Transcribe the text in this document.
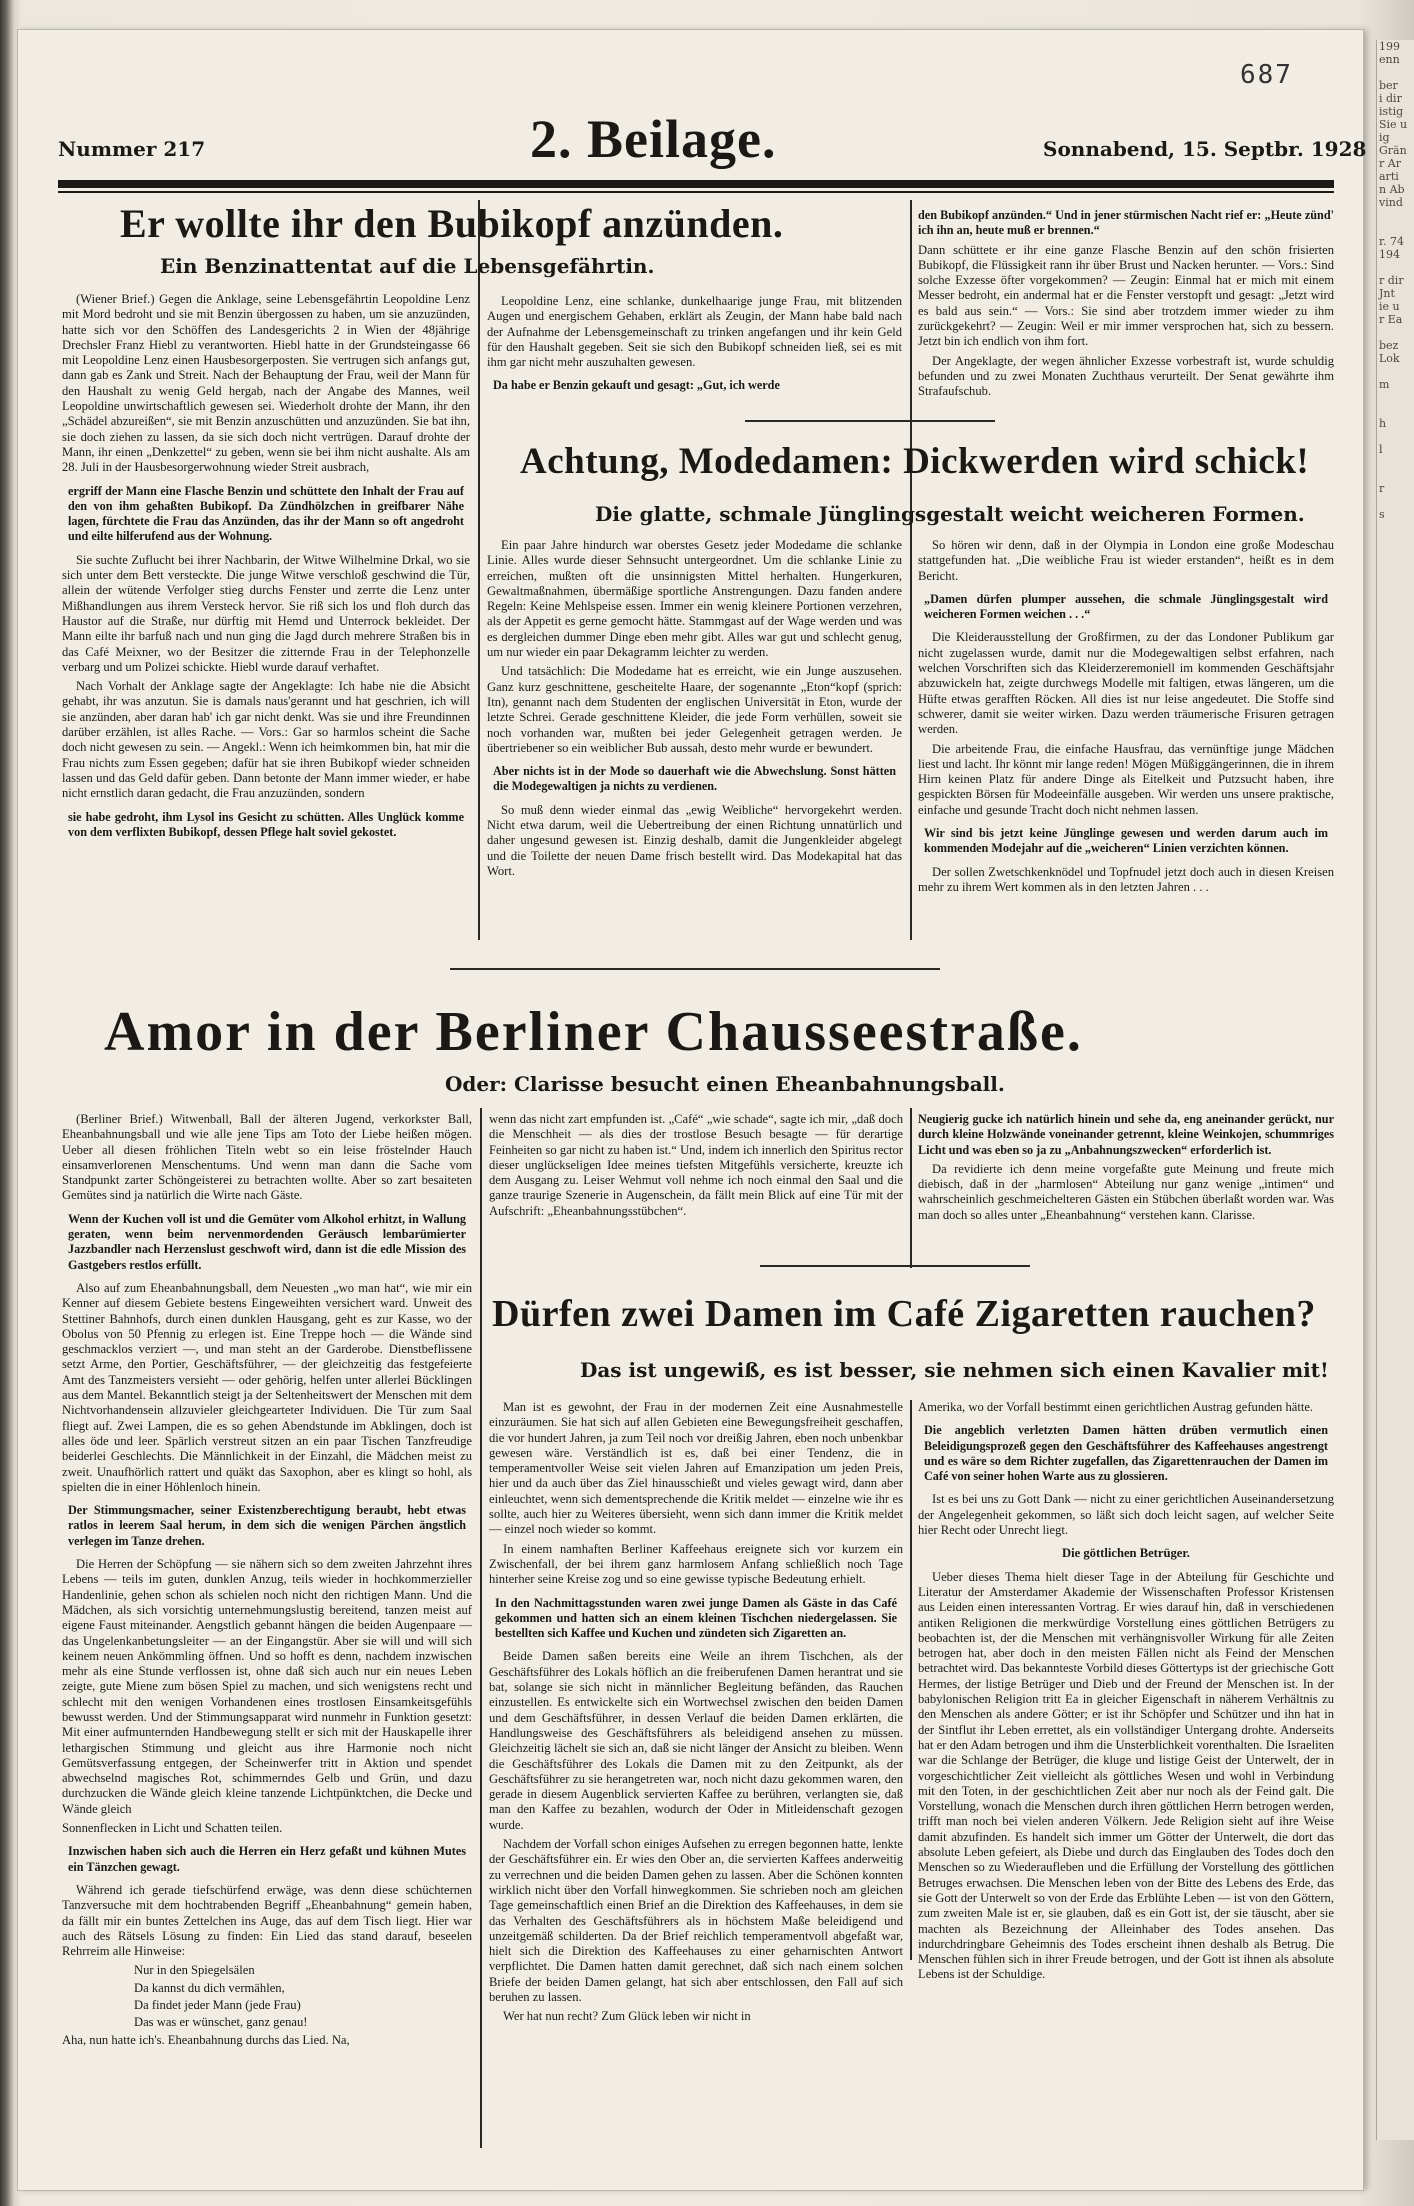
199
enn

ber
i dir
istig
Sie u
ig
Grän
r Ar
arti
n Ab
vind

r. 74
194

r dir
Jnt
ie u
r Ea

bez
Lok

m

h

l

r

s

687
Nummer 217	2. Beilage.	Sonnabend, 15. Septbr. 1928
Er wollte ihr den Bubikopf anzünden.
Ein Benzinattentat auf die Lebensgefährtin.

(Wiener Brief.) Gegen die Anklage, seine Lebensgefährtin Leopoldine Lenz mit Mord bedroht und sie mit Benzin übergossen zu haben, um sie anzuzünden, hatte sich vor den Schöffen des Landesgerichts 2 in Wien der 48jährige Drechsler Franz Hiebl zu verantworten. Hiebl hatte in der Grundsteingasse 66 mit Leopoldine Lenz einen Hausbesorgerposten. Sie vertrugen sich anfangs gut, dann gab es Zank und Streit. Nach der Behauptung der Frau, weil der Mann für den Haushalt zu wenig Geld hergab, nach der Angabe des Mannes, weil Leopoldine unwirtschaftlich gewesen sei. Wiederholt drohte der Mann, ihr den „Schädel abzureißen“, sie mit Benzin anzuschütten und anzuzünden. Sie bat ihn, sie doch ziehen zu lassen, da sie sich doch nicht vertrügen. Darauf drohte der Mann, ihr einen „Denkzettel“ zu geben, wenn sie bei ihm nicht aushalte. Als am 28. Juli in der Hausbesorgerwohnung wieder Streit ausbrach,

ergriff der Mann eine Flasche Benzin und schüttete den Inhalt der Frau auf den von ihm gehaßten Bubikopf. Da Zündhölzchen in greifbarer Nähe lagen, fürchtete die Frau das Anzünden, das ihr der Mann so oft angedroht und eilte hilferufend aus der Wohnung.

Sie suchte Zuflucht bei ihrer Nachbarin, der Witwe Wilhelmine Drkal, wo sie sich unter dem Bett versteckte. Die junge Witwe verschloß geschwind die Tür, allein der wütende Verfolger stieg durchs Fenster und zerrte die Lenz unter Mißhandlungen aus ihrem Versteck hervor. Sie riß sich los und floh durch das Haustor auf die Straße, nur dürftig mit Hemd und Unterrock bekleidet. Der Mann eilte ihr barfuß nach und nun ging die Jagd durch mehrere Straßen bis in das Café Meixner, wo der Besitzer die zitternde Frau in der Telephonzelle verbarg und um Polizei schickte. Hiebl wurde darauf verhaftet.

Nach Vorhalt der Anklage sagte der Angeklagte: Ich habe nie die Absicht gehabt, ihr was anzutun. Sie is damals naus'gerannt und hat geschrien, ich will sie anzünden, aber daran hab' ich gar nicht denkt. Was sie und ihre Freundinnen darüber erzählen, ist alles Rache. — Vors.: Gar so harmlos scheint die Sache doch nicht gewesen zu sein. — Angekl.: Wenn ich heimkommen bin, hat mir die Frau nichts zum Essen gegeben; dafür hat sie ihren Bubikopf wieder schneiden lassen und das Geld dafür geben. Dann betonte der Mann immer wieder, er habe nicht ernstlich daran gedacht, die Frau anzuzünden, sondern

sie habe gedroht, ihm Lysol ins Gesicht zu schütten. Alles Unglück komme von dem verflixten Bubikopf, dessen Pflege halt soviel gekostet.

Leopoldine Lenz, eine schlanke, dunkelhaarige junge Frau, mit blitzenden Augen und energischem Gehaben, erklärt als Zeugin, der Mann habe bald nach der Aufnahme der Lebensgemeinschaft zu trinken angefangen und ihr kein Geld für den Haushalt gegeben. Seit sie sich den Bubikopf schneiden ließ, sei es mit ihm gar nicht mehr auszuhalten gewesen.

Da habe er Benzin gekauft und gesagt: „Gut, ich werde

den Bubikopf anzünden.“ Und in jener stürmischen Nacht rief er: „Heute zünd' ich ihn an, heute muß er brennen.“

Dann schüttete er ihr eine ganze Flasche Benzin auf den schön frisierten Bubikopf, die Flüssigkeit rann ihr über Brust und Nacken herunter. — Vors.: Sind solche Exzesse öfter vorgekommen? — Zeugin: Einmal hat er mich mit einem Messer bedroht, ein andermal hat er die Fenster verstopft und gesagt: „Jetzt wird es bald aus sein.“ — Vors.: Sie sind aber trotzdem immer wieder zu ihm zurückgekehrt? — Zeugin: Weil er mir immer versprochen hat, sich zu bessern. Jetzt bin ich endlich von ihm fort.

Der Angeklagte, der wegen ähnlicher Exzesse vorbestraft ist, wurde schuldig befunden und zu zwei Monaten Zuchthaus verurteilt. Der Senat gewährte ihm Strafaufschub.

Achtung, Modedamen: Dickwerden wird schick!
Die glatte, schmale Jünglingsgestalt weicht weicheren Formen.

Ein paar Jahre hindurch war oberstes Gesetz jeder Modedame die schlanke Linie. Alles wurde dieser Sehnsucht untergeordnet. Um die schlanke Linie zu erreichen, mußten oft die unsinnigsten Mittel herhalten. Hungerkuren, Gewaltmaßnahmen, übermäßige sportliche Anstrengungen. Dazu fanden andere Regeln: Keine Mehlspeise essen. Immer ein wenig kleinere Portionen verzehren, als der Appetit es gerne gemocht hätte. Stammgast auf der Wage werden und was es dergleichen dummer Dinge eben mehr gibt. Alles war gut und schlecht genug, um nur wieder ein paar Dekagramm leichter zu werden.

Und tatsächlich: Die Modedame hat es erreicht, wie ein Junge auszusehen. Ganz kurz geschnittene, gescheitelte Haare, der sogenannte „Eton“kopf (sprich: Itn), genannt nach dem Studenten der englischen Universität in Eton, wurde der letzte Schrei. Gerade geschnittene Kleider, die jede Form verhüllen, soweit sie noch vorhanden war, mußten bei jeder Gelegenheit getragen werden. Je übertriebener so ein weiblicher Bub aussah, desto mehr wurde er bewundert.

Aber nichts ist in der Mode so dauerhaft wie die Abwechslung. Sonst hätten die Modegewaltigen ja nichts zu verdienen.

So muß denn wieder einmal das „ewig Weibliche“ hervorgekehrt werden. Nicht etwa darum, weil die Uebertreibung der einen Richtung unnatürlich und daher ungesund gewesen ist. Einzig deshalb, damit die Jungenkleider abgelegt und die Toilette der neuen Dame frisch bestellt wird. Das Modekapital hat das Wort.

So hören wir denn, daß in der Olympia in London eine große Modeschau stattgefunden hat. „Die weibliche Frau ist wieder erstanden“, heißt es in dem Bericht.

„Damen dürfen plumper aussehen, die schmale Jünglingsgestalt wird weicheren Formen weichen . . .“

Die Kleiderausstellung der Großfirmen, zu der das Londoner Publikum gar nicht zugelassen wurde, damit nur die Modegewaltigen selbst erfahren, nach welchen Vorschriften sich das Kleiderzeremoniell im kommenden Geschäftsjahr abzuwickeln hat, zeigte durchwegs Modelle mit faltigen, etwas längeren, um die Hüfte etwas gerafften Röcken. All dies ist nur leise angedeutet. Die Stoffe sind schwerer, damit sie weiter wirken. Dazu werden träumerische Frisuren getragen werden.

Die arbeitende Frau, die einfache Hausfrau, das vernünftige junge Mädchen liest und lacht. Ihr könnt mir lange reden! Mögen Müßiggängerinnen, die in ihrem Hirn keinen Platz für andere Dinge als Eitelkeit und Putzsucht haben, ihre gespickten Börsen für Modeeinfälle ausgeben. Wir werden uns unsere praktische, einfache und gesunde Tracht doch nicht nehmen lassen.

Wir sind bis jetzt keine Jünglinge gewesen und werden darum auch im kommenden Modejahr auf die „weicheren“ Linien verzichten können.

Der sollen Zwetschkenknödel und Topfnudel jetzt doch auch in diesen Kreisen mehr zu ihrem Wert kommen als in den letzten Jahren . . .

Amor in der Berliner Chausseestraße.
Oder: Clarisse besucht einen Eheanbahnungsball.

(Berliner Brief.) Witwenball, Ball der älteren Jugend, verkorkster Ball, Eheanbahnungsball und wie alle jene Tips am Toto der Liebe heißen mögen. Ueber all diesen fröhlichen Titeln webt so ein leise fröstelnder Hauch einsamverlorenen Menschentums. Und wenn man dann die Sache vom Standpunkt zarter Schöngeisterei zu betrachten wollte. Aber so zart besaiteten Gemütes sind ja natürlich die Wirte nach Gäste.

Wenn der Kuchen voll ist und die Gemüter vom Alkohol erhitzt, in Wallung geraten, wenn beim nervenmordenden Geräusch lembarümierter Jazzbandler nach Herzenslust geschwoft wird, dann ist die edle Mission des Gastgebers restlos erfüllt.

Also auf zum Eheanbahnungsball, dem Neuesten „wo man hat“, wie mir ein Kenner auf diesem Gebiete bestens Eingeweihten versichert ward. Unweit des Stettiner Bahnhofs, durch einen dunklen Hausgang, geht es zur Kasse, wo der Obolus von 50 Pfennig zu erlegen ist. Eine Treppe hoch — die Wände sind geschmacklos verziert —, und man steht an der Garderobe. Dienstbeflissene setzt Arme, den Portier, Geschäftsführer, — der gleichzeitig das festgefeierte Amt des Tanzmeisters versieht — oder gehörig, helfen unter allerlei Bücklingen aus dem Mantel. Bekanntlich steigt ja der Seltenheitswert der Menschen mit dem Nichtvorhandensein allzuvieler gleichgearteter Individuen. Die Tür zum Saal fliegt auf. Zwei Lampen, die es so gehen Abendstunde im Abklingen, doch ist alles öde und leer. Spärlich verstreut sitzen an ein paar Tischen Tanzfreudige beiderlei Geschlechts. Die Männlichkeit in der Einzahl, die Mädchen meist zu zweit. Unaufhörlich rattert und quäkt das Saxophon, aber es klingt so hohl, als spielten die in einer Höhlenloch hinein.

Der Stimmungsmacher, seiner Existenzberechtigung beraubt, hebt etwas ratlos in leerem Saal herum, in dem sich die wenigen Pärchen ängstlich verlegen im Tanze drehen.

Die Herren der Schöpfung — sie nähern sich so dem zweiten Jahrzehnt ihres Lebens — teils im guten, dunklen Anzug, teils wieder in hochkommerzieller Handenlinie, gehen schon als schielen noch nicht den richtigen Mann. Und die Mädchen, als sich vorsichtig unternehmungslustig bereitend, tanzen meist auf eigene Faust miteinander. Aengstlich gebannt hängen die beiden Augenpaare — das Ungelenkanbetungsleiter — an der Eingangstür. Aber sie will und will sich keinem neuen Ankömmling öffnen. Und so hofft es denn, nachdem inzwischen mehr als eine Stunde verflossen ist, ohne daß sich auch nur ein neues Leben zeigte, gute Miene zum bösen Spiel zu machen, und sich wenigstens recht und schlecht mit den wenigen Vorhandenen eines trostlosen Einsamkeitsgefühls bewusst werden. Und der Stimmungsapparat wird nunmehr in Funktion gesetzt: Mit einer aufmunternden Handbewegung stellt er sich mit der Hauskapelle ihrer lethargischen Stimmung und gleicht aus ihre Harmonie noch nicht Gemütsverfassung entgegen, der Scheinwerfer tritt in Aktion und spendet abwechselnd magisches Rot, schimmerndes Gelb und Grün, und dazu durchzucken die Wände gleich kleine tanzende Lichtpünktchen, die Decke und Wände gleich

Sonnenflecken in Licht und Schatten teilen.

Inzwischen haben sich auch die Herren ein Herz gefaßt und kühnen Mutes ein Tänzchen gewagt.

Während ich gerade tiefschürfend erwäge, was denn diese schüchternen Tanzversuche mit dem hochtrabenden Begriff „Eheanbahnung“ gemein haben, da fällt mir ein buntes Zettelchen ins Auge, das auf dem Tisch liegt. Hier war auch des Rätsels Lösung zu finden: Ein Lied das stand darauf, beseelen Rehrreim alle Hinweise:

Nur in den Spiegelsälen
Da kannst du dich vermählen,
Da findet jeder Mann (jede Frau)
Das was er wünschet, ganz genau!

Aha, nun hatte ich's. Eheanbahnung durchs das Lied. Na,

wenn das nicht zart empfunden ist. „Café“ „wie schade“, sagte ich mir, „daß doch die Menschheit — als dies der trostlose Besuch besagte — für derartige Feinheiten so gar nicht zu haben ist.“ Und, indem ich innerlich den Spiritus rector dieser unglückseligen Idee meines tiefsten Mitgefühls versicherte, kreuzte ich dem Ausgang zu. Leiser Wehmut voll nehme ich noch einmal den Saal und die ganze traurige Szenerie in Augenschein, da fällt mein Blick auf eine Tür mit der Aufschrift: „Eheanbahnungsstübchen“.

Neugierig gucke ich natürlich hinein und sehe da, eng aneinander gerückt, nur durch kleine Holzwände voneinander getrennt, kleine Weinkojen, schummriges Licht und was eben so ja zu „Anbahnungszwecken“ erforderlich ist.

Da revidierte ich denn meine vorgefaßte gute Meinung und freute mich diebisch, daß in der „harmlosen“ Abteilung nur ganz wenige „intimen“ und wahrscheinlich geschmeichelteren Gästen ein Stübchen überlaßt worden war. Was man doch so alles unter „Eheanbahnung“ verstehen kann. Clarisse.

Dürfen zwei Damen im Café Zigaretten rauchen?
Das ist ungewiß, es ist besser, sie nehmen sich einen Kavalier mit!

Man ist es gewohnt, der Frau in der modernen Zeit eine Ausnahmestelle einzuräumen. Sie hat sich auf allen Gebieten eine Bewegungsfreiheit geschaffen, die vor hundert Jahren, ja zum Teil noch vor dreißig Jahren, eben noch unbenkbar gewesen wäre. Verständlich ist es, daß bei einer Tendenz, die in temperamentvoller Weise seit vielen Jahren auf Emanzipation um jeden Preis, hier und da auch über das Ziel hinausschießt und vieles gewagt wird, dann aber einleuchtet, wenn sich dementsprechende die Kritik meldet — einzelne wie ihr es sollte, auch hier zu Weiteres übersieht, wenn sich dann immer die Kritik meldet — einzel noch wieder so kommt.

In einem namhaften Berliner Kaffeehaus ereignete sich vor kurzem ein Zwischenfall, der bei ihrem ganz harmlosem Anfang schließlich noch Tage hinterher seine Kreise zog und so eine gewisse typische Bedeutung erhielt.

In den Nachmittagsstunden waren zwei junge Damen als Gäste in das Café gekommen und hatten sich an einem kleinen Tischchen niedergelassen. Sie bestellten sich Kaffee und Kuchen und zündeten sich Zigaretten an.

Beide Damen saßen bereits eine Weile an ihrem Tischchen, als der Geschäftsführer des Lokals höflich an die freiberufenen Damen herantrat und sie bat, solange sie sich nicht in männlicher Begleitung befänden, das Rauchen einzustellen. Es entwickelte sich ein Wortwechsel zwischen den beiden Damen und dem Geschäftsführer, in dessen Verlauf die beiden Damen erklärten, die Handlungsweise des Geschäftsführers als beleidigend ansehen zu müssen. Gleichzeitig lächelt sie sich an, daß sie nicht länger der Ansicht zu bleiben. Wenn die Geschäftsführer des Lokals die Damen mit zu den Zeitpunkt, als der Geschäftsführer zu sie herangetreten war, noch nicht dazu gekommen waren, den gerade in diesem Augenblick servierten Kaffee zu berühren, verlangten sie, daß man den Kaffee zu bezahlen, wodurch der Oder in Mitleidenschaft gezogen wurde.

Nachdem der Vorfall schon einiges Aufsehen zu erregen begonnen hatte, lenkte der Geschäftsführer ein. Er wies den Ober an, die servierten Kaffees anderweitig zu verrechnen und die beiden Damen gehen zu lassen. Aber die Schönen konnten wirklich nicht über den Vorfall hinwegkommen. Sie schrieben noch am gleichen Tage gemeinschaftlich einen Brief an die Direktion des Kaffeehauses, in dem sie das Verhalten des Geschäftsführers als in höchstem Maße beleidigend und unzeitgemäß schilderten. Da der Brief reichlich temperamentvoll abgefaßt war, hielt sich die Direktion des Kaffeehauses zu einer geharnischten Antwort verpflichtet. Die Damen hatten damit gerechnet, daß sich nach einem solchen Briefe der beiden Damen gelangt, hat sich aber entschlossen, den Fall auf sich beruhen zu lassen.

Wer hat nun recht? Zum Glück leben wir nicht in

Amerika, wo der Vorfall bestimmt einen gerichtlichen Austrag gefunden hätte.

Die angeblich verletzten Damen hätten drüben vermutlich einen Beleidigungsprozeß gegen den Geschäftsführer des Kaffeehauses angestrengt und es wäre so dem Richter zugefallen, das Zigarettenrauchen der Damen im Café von seiner hohen Warte aus zu glossieren.

Ist es bei uns zu Gott Dank — nicht zu einer gerichtlichen Auseinandersetzung der Angelegenheit gekommen, so läßt sich doch leicht sagen, auf welcher Seite hier Recht oder Unrecht liegt.

Die göttlichen Betrüger.

Ueber dieses Thema hielt dieser Tage in der Abteilung für Geschichte und Literatur der Amsterdamer Akademie der Wissenschaften Professor Kristensen aus Leiden einen interessanten Vortrag. Er wies darauf hin, daß in verschiedenen antiken Religionen die merkwürdige Vorstellung eines göttlichen Betrügers zu beobachten ist, der die Menschen mit verhängnisvoller Wirkung für alle Zeiten betrogen hat, aber doch in den meisten Fällen nicht als Feind der Menschen betrachtet wird. Das bekannteste Vorbild dieses Göttertyps ist der griechische Gott Hermes, der listige Betrüger und Dieb und der Freund der Menschen ist. In der babylonischen Religion tritt Ea in gleicher Eigenschaft in näherem Verhältnis zu den Menschen als andere Götter; er ist ihr Schöpfer und Schützer und ihn hat in der Sintflut ihr Leben errettet, als ein vollständiger Untergang drohte. Anderseits hat er den Adam betrogen und ihm die Unsterblichkeit vorenthalten. Die Israeliten war die Schlange der Betrüger, die kluge und listige Geist der Unterwelt, der in vorgeschichtlicher Zeit vielleicht als göttliches Wesen und wohl in Verbindung mit den Toten, in der geschichtlichen Zeit aber nur noch als der Feind galt. Die Vorstellung, wonach die Menschen durch ihren göttlichen Herrn betrogen werden, trifft man noch bei vielen anderen Völkern. Jede Religion sieht auf ihre Weise damit abzufinden. Es handelt sich immer um Götter der Unterwelt, die dort das absolute Leben gefeiert, als Diebe und durch das Einglauben des Todes doch den Menschen so zu Wiederaufleben und die Erfüllung der Vorstellung des göttlichen Betruges erwachsen. Die Menschen leben von der Bitte des Lebens des Erde, das sie Gott der Unterwelt so von der Erde das Erblühte Leben — ist von den Göttern, zum zweiten Male ist er, sie glauben, daß es ein Gott ist, der sie täuscht, aber sie machten als Bezeichnung der Alleinhaber des Todes ansehen. Das indurchdringbare Geheimnis des Todes erscheint ihnen deshalb als Betrug. Die Menschen fühlen sich in ihrer Freude betrogen, und der Gott ist ihnen als absolute Lebens ist der Schuldige.
